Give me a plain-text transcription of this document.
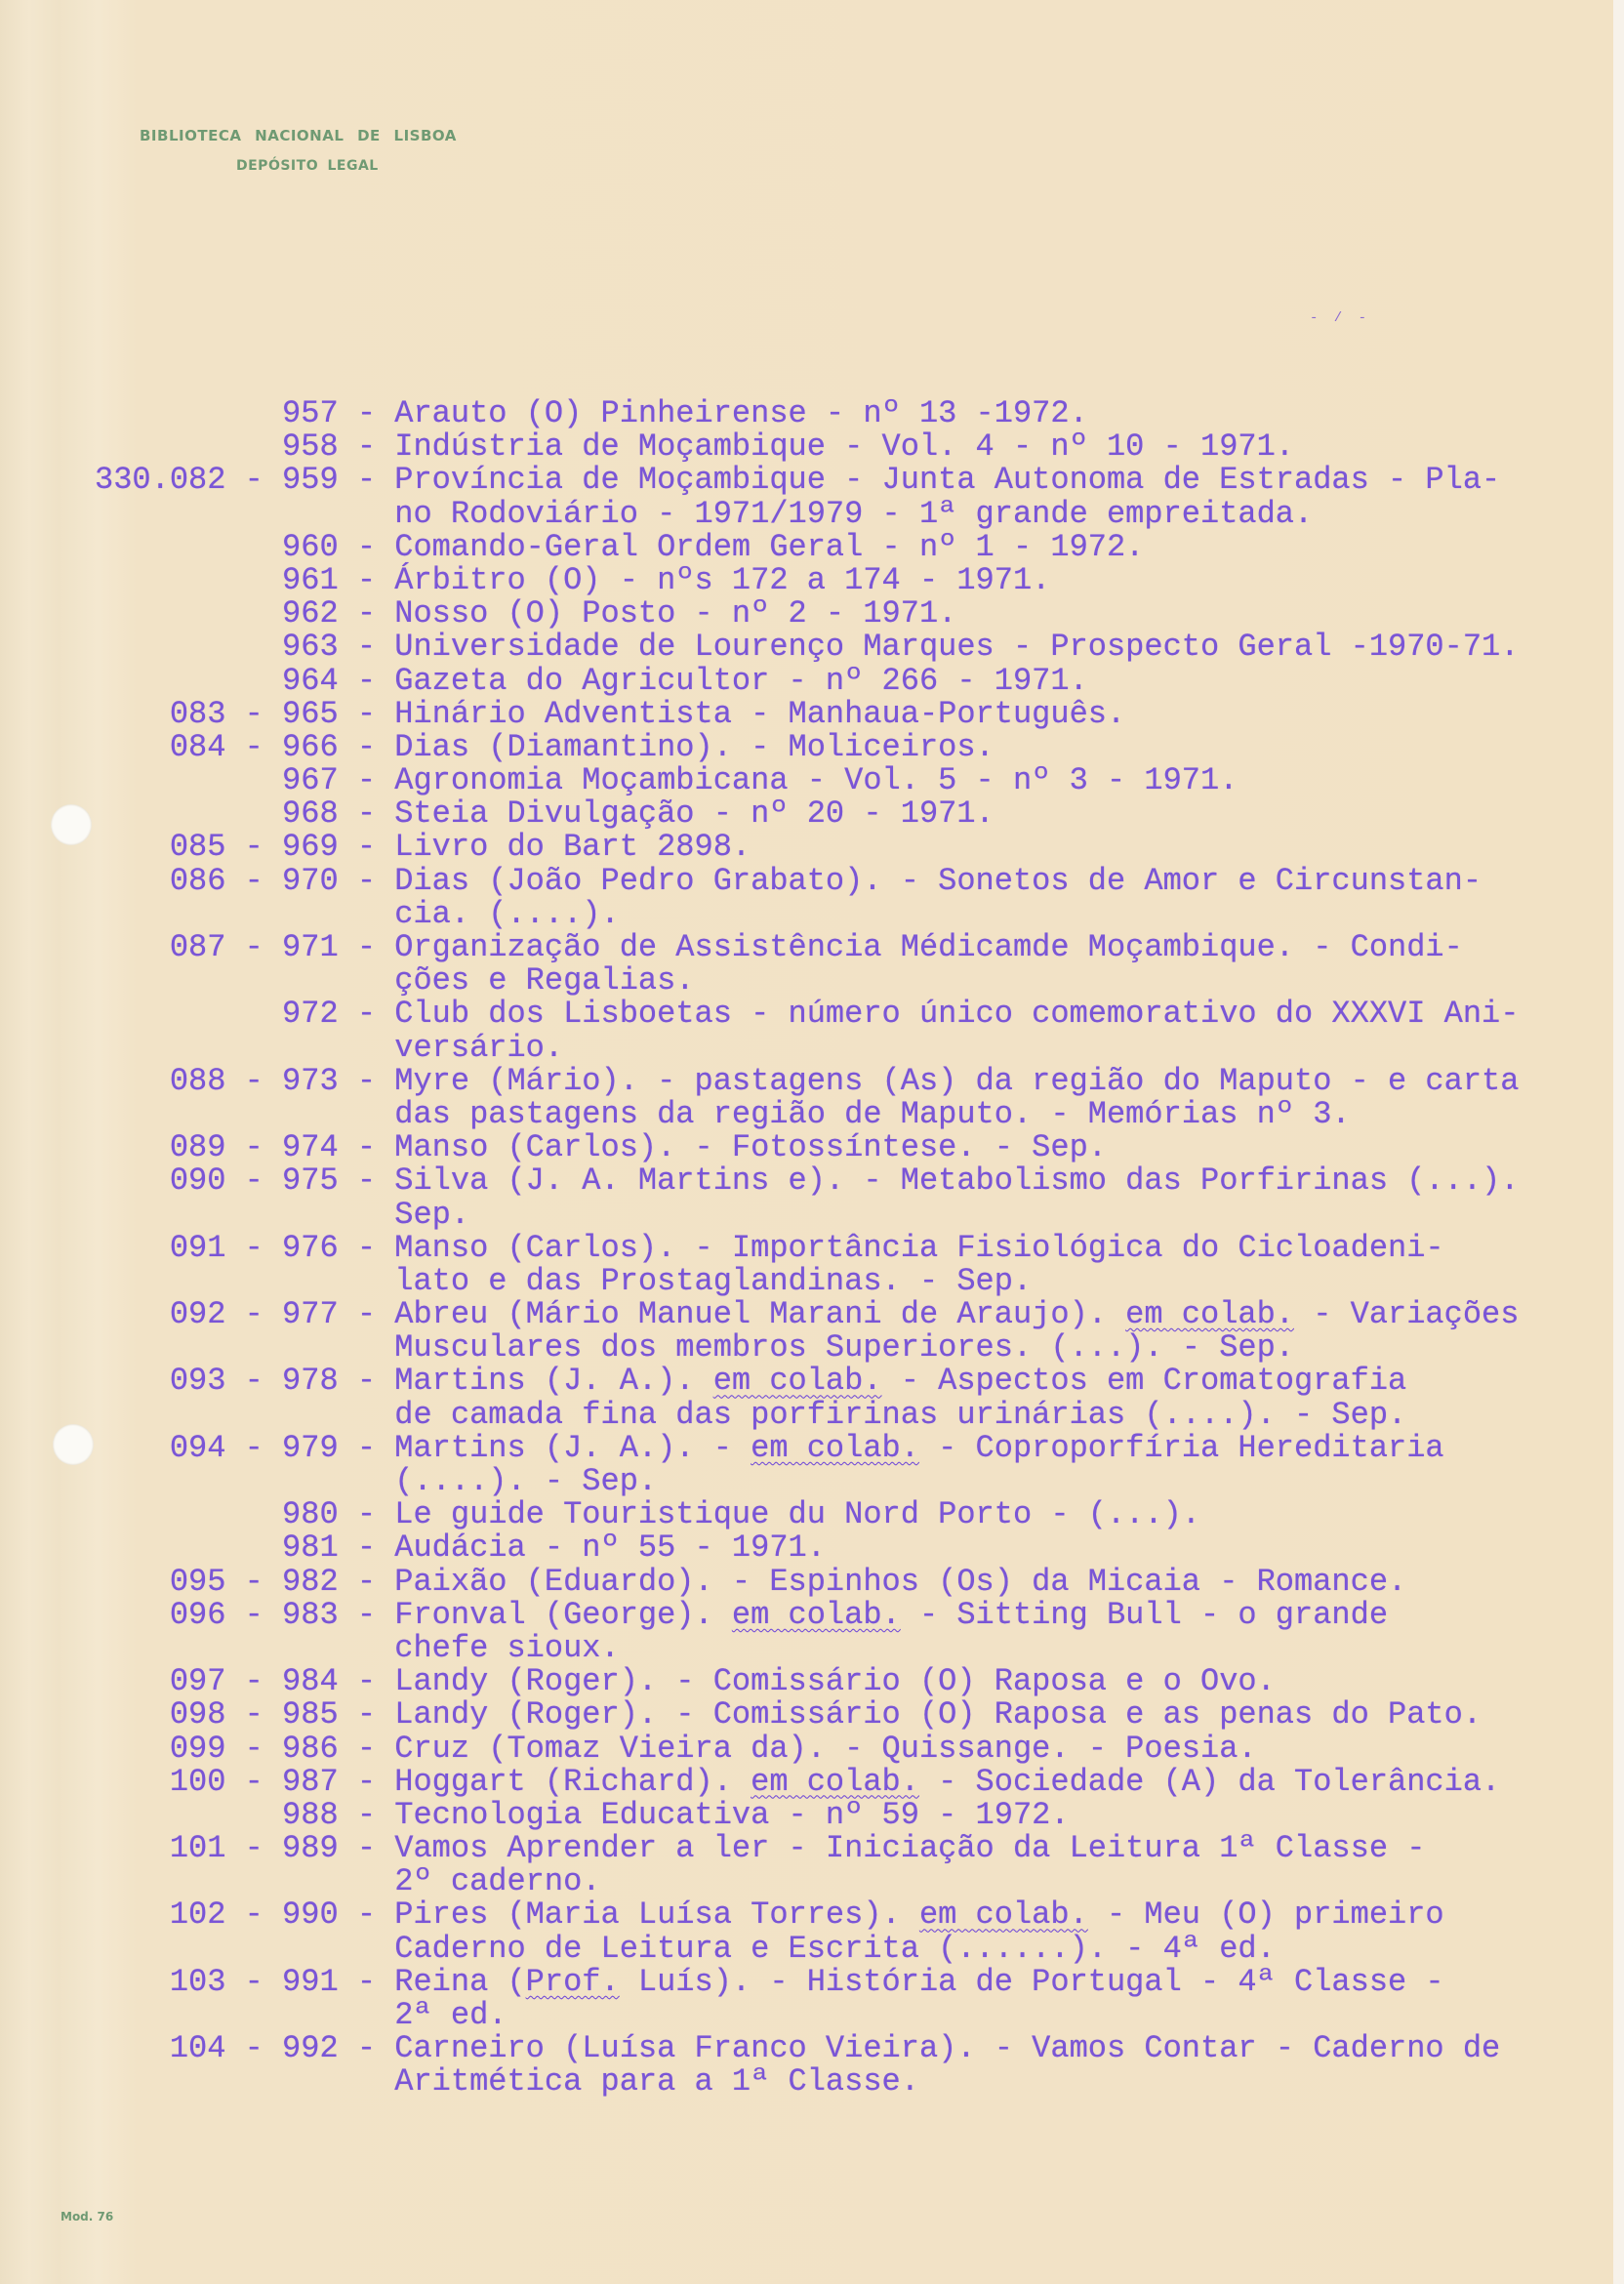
BIBLIOTECA NACIONAL DE LISBOA
DEPÓSITO LEGAL
- / -
957 - Arauto (O) Pinheirense - nº 13 -1972.
958 - Indústria de Moçambique - Vol. 4 - nº 10 - 1971.
330.082 - 959 - Província de Moçambique - Junta Autonoma de Estradas - Pla-
no Rodoviário - 1971/1979 - 1ª grande empreitada.
960 - Comando-Geral Ordem Geral - nº 1 - 1972.
961 - Árbitro (O) - nºs 172 a 174 - 1971.
962 - Nosso (O) Posto - nº 2 - 1971.
963 - Universidade de Lourenço Marques - Prospecto Geral -1970-71.
964 - Gazeta do Agricultor - nº 266 - 1971.
083 - 965 - Hinário Adventista - Manhaua-Português.
084 - 966 - Dias (Diamantino). - Moliceiros.
967 - Agronomia Moçambicana - Vol. 5 - nº 3 - 1971.
968 - Steia Divulgação - nº 20 - 1971.
085 - 969 - Livro do Bart 2898.
086 - 970 - Dias (João Pedro Grabato). - Sonetos de Amor e Circunstan-
cia. (....).
087 - 971 - Organização de Assistência Médicamde Moçambique. - Condi-
ções e Regalias.
972 - Club dos Lisboetas - número único comemorativo do XXXVI Ani-
versário.
088 - 973 - Myre (Mário). - pastagens (As) da região do Maputo - e carta
das pastagens da região de Maputo. - Memórias nº 3.
089 - 974 - Manso (Carlos). - Fotossíntese. - Sep.
090 - 975 - Silva (J. A. Martins e). - Metabolismo das Porfirinas (...).
Sep.
091 - 976 - Manso (Carlos). - Importância Fisiológica do Cicloadeni-
lato e das Prostaglandinas. - Sep.
092 - 977 - Abreu (Mário Manuel Marani de Araujo). em colab. - Variações
Musculares dos membros Superiores. (...). - Sep.
093 - 978 - Martins (J. A.). em colab. - Aspectos em Cromatografia
de camada fina das porfirinas urinárias (....). - Sep.
094 - 979 - Martins (J. A.). - em colab. - Coproporfíria Hereditaria
(....). - Sep.
980 - Le guide Touristique du Nord Porto - (...).
981 - Audácia - nº 55 - 1971.
095 - 982 - Paixão (Eduardo). - Espinhos (Os) da Micaia - Romance.
096 - 983 - Fronval (George). em colab. - Sitting Bull - o grande
chefe sioux.
097 - 984 - Landy (Roger). - Comissário (O) Raposa e o Ovo.
098 - 985 - Landy (Roger). - Comissário (O) Raposa e as penas do Pato.
099 - 986 - Cruz (Tomaz Vieira da). - Quissange. - Poesia.
100 - 987 - Hoggart (Richard). em colab. - Sociedade (A) da Tolerância.
988 - Tecnologia Educativa - nº 59 - 1972.
101 - 989 - Vamos Aprender a ler - Iniciação da Leitura 1ª Classe -
2º caderno.
102 - 990 - Pires (Maria Luísa Torres). em colab. - Meu (O) primeiro
Caderno de Leitura e Escrita (......). - 4ª ed.
103 - 991 - Reina (Prof. Luís). - História de Portugal - 4ª Classe -
2ª ed.
104 - 992 - Carneiro (Luísa Franco Vieira). - Vamos Contar - Caderno de
Aritmética para a 1ª Classe.
Mod. 76
